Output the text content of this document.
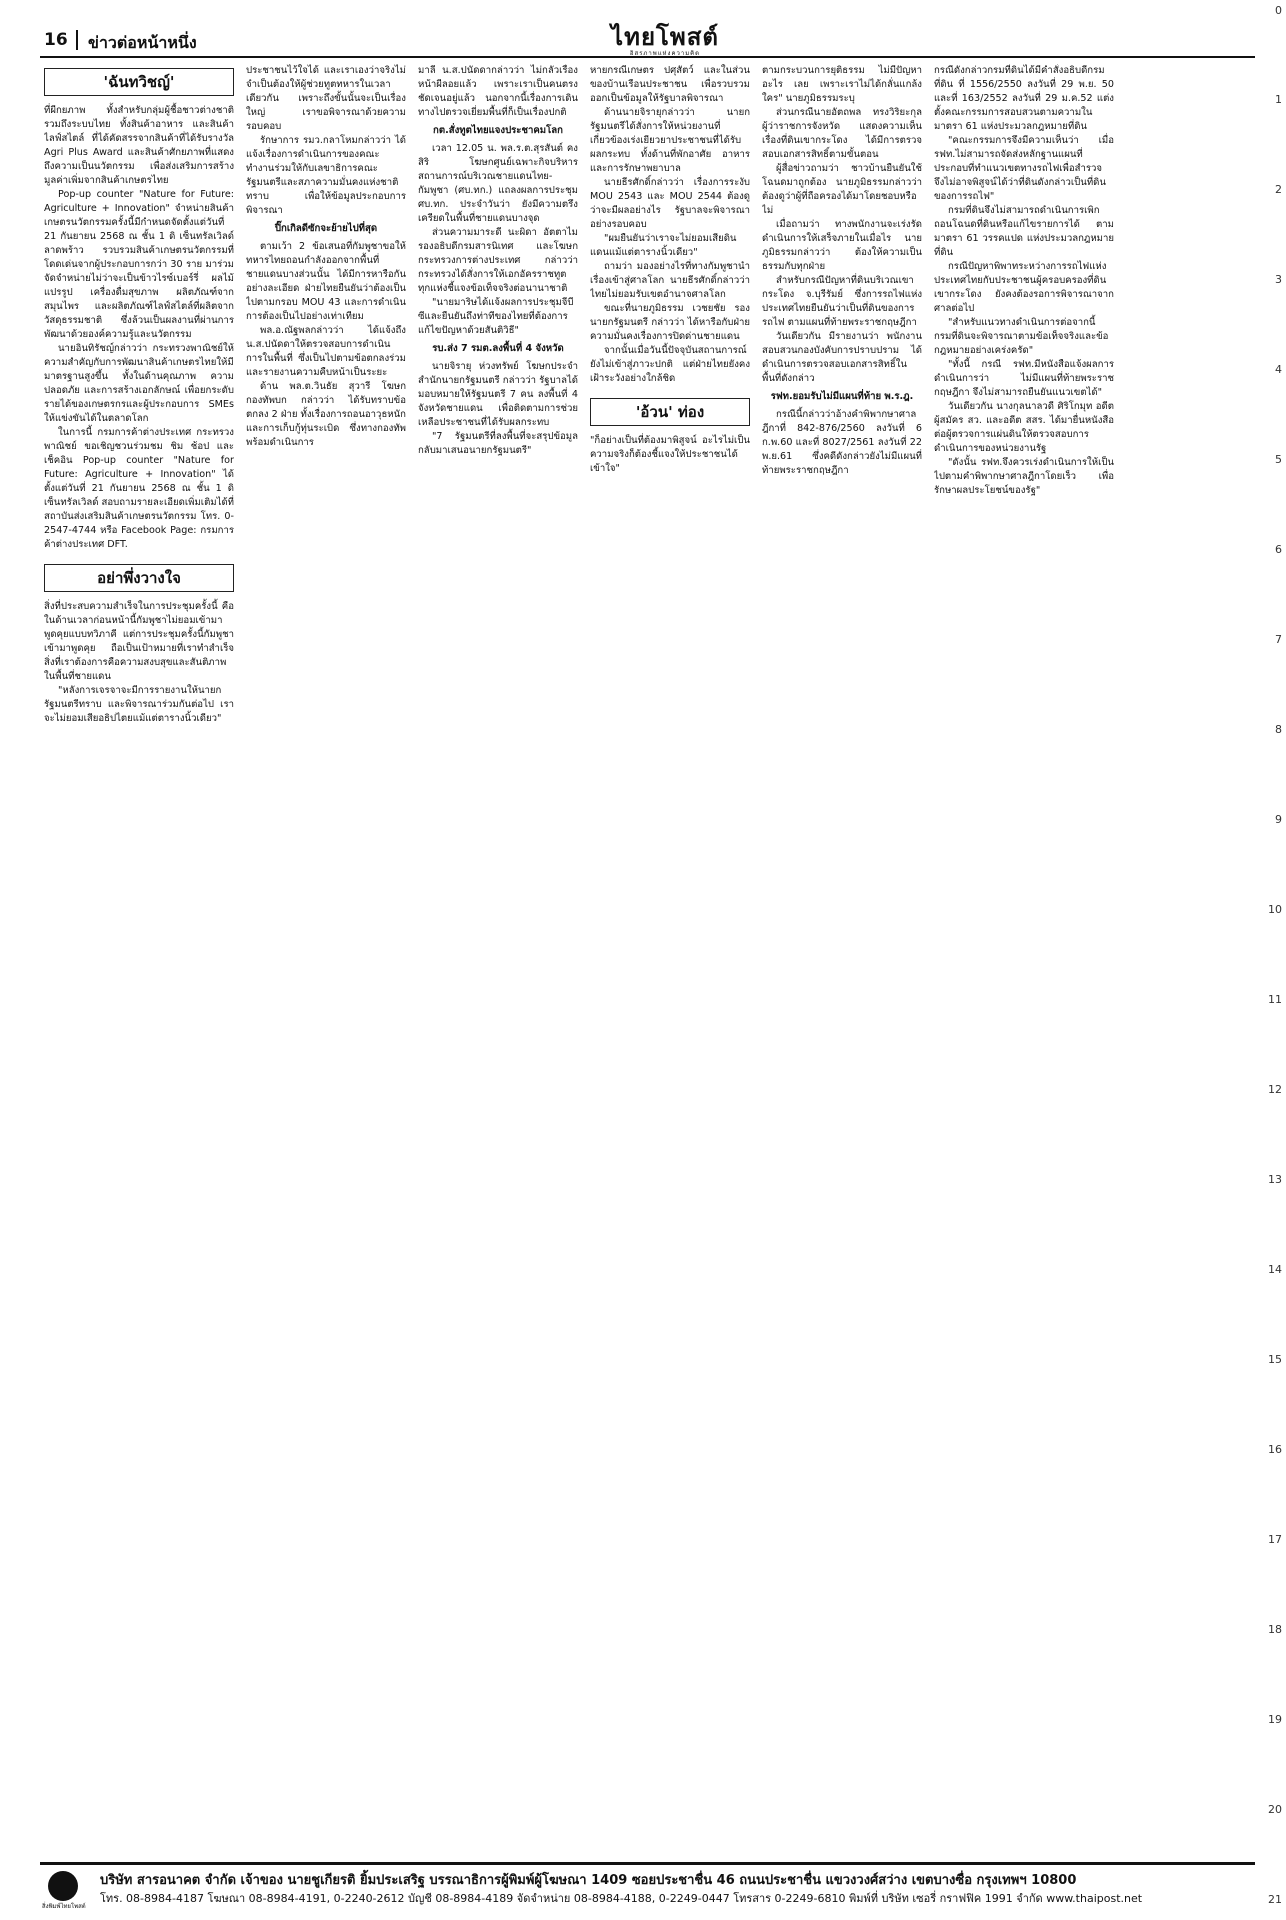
16	ข่าวต่อหน้าหนึ่ง	ไทยโพสต์
อิสรภาพแห่งความคิด
0
1
2
3
4
5
6
7
8
9
10
11
12
13
14
15
16
17
18
19
20
21
'ฉันทวิชญ์'

ที่ผีกยภาพ ทั้งสำหรับกลุ่มผู้ชื้อชาวต่างชาติ รวมถึงระบบไทย ทั้งสินค้าอาหาร และสินค้าไลฟ์สไตล์ ที่ได้คัดสรรจากสินค้าที่ได้รับรางวัล Agri Plus Award และสินค้าศักยภาพที่แสดงถึงความเป็นนวัตกรรม เพื่อส่งเสริมการสร้างมูลค่าเพิ่มจากสินค้าเกษตรไทย

Pop-up counter "Nature for Future: Agriculture + Innovation" จำหน่ายสินค้าเกษตรนวัตกรรมครั้งนี้มีกำหนดจัดตั้งแต่วันที่ 21 กันยายน 2568 ณ ชั้น 1 ดิ เซ็นทรัลเวิลด์ ลาดพร้าว รวบรวมสินค้าเกษตรนวัตกรรมที่โดดเด่นจากผู้ประกอบการกว่า 30 ราย มาร่วมจัดจำหน่ายไม่ว่าจะเป็นข้าวไรซ์เบอร์รี่ ผลไม้แปรรูป เครื่องดื่มสุขภาพ ผลิตภัณฑ์จากสมุนไพร และผลิตภัณฑ์ไลฟ์สไตล์ที่ผลิตจากวัสดุธรรมชาติ ซึ่งล้วนเป็นผลงานที่ผ่านการพัฒนาด้วยองค์ความรู้และนวัตกรรม

นายอินทิรัชญ์กล่าวว่า กระทรวงพาณิชย์ให้ความสำคัญกับการพัฒนาสินค้าเกษตรไทยให้มีมาตรฐานสูงขึ้น ทั้งในด้านคุณภาพ ความปลอดภัย และการสร้างเอกลักษณ์ เพื่อยกระดับรายได้ของเกษตรกรและผู้ประกอบการ SMEs ให้แข่งขันได้ในตลาดโลก

ในการนี้ กรมการค้าต่างประเทศ กระทรวงพาณิชย์ ขอเชิญชวนร่วมชม ชิม ช้อป และ เช็คอิน Pop-up counter "Nature for Future: Agriculture + Innovation" ได้ตั้งแต่วันที่ 21 กันยายน 2568 ณ ชั้น 1 ดิ เซ็นทรัลเวิลด์ สอบถามรายละเอียดเพิ่มเติมได้ที่ สถาบันส่งเสริมสินค้าเกษตรนวัตกรรม โทร. 0-2547-4744 หรือ Facebook Page: กรมการค้าต่างประเทศ DFT.

อย่าพึ่งวางใจ

สิ่งที่ประสบความสำเร็จในการประชุมครั้งนี้ คือ ในด้านเวลาก่อนหน้านี้กัมพูชาไม่ยอมเข้ามาพูดคุยแบบทวิภาคี แต่การประชุมครั้งนี้กัมพูชาเข้ามาพูดคุย ถือเป็นเป้าหมายที่เราทำสำเร็จ สิ่งที่เราต้องการคือความสงบสุขและสันติภาพในพื้นที่ชายแดน

"หลังการเจรจาจะมีการรายงานให้นายกรัฐมนตรีทราบ และพิจารณาร่วมกันต่อไป เราจะไม่ยอมเสียอธิปไตยแม้แต่ตารางนิ้วเดียว"

ประชาชนไว้ใจได้ และเราเองว่าจริงไม่จำเป็นต้องให้ผู้ช่วยทูตทหารในเวลาเดียวกัน เพราะถึงขั้นนั้นจะเป็นเรื่องใหญ่ เราขอพิจารณาด้วยความรอบคอบ

รักษาการ รมว.กลาโหมกล่าวว่า ได้แจ้งเรื่องการดำเนินการของคณะทำงานร่วมให้กับเลขาธิการคณะรัฐมนตรีและสภาความมั่นคงแห่งชาติทราบ เพื่อให้ข้อมูลประกอบการพิจารณา

ปิ๊กเกิลดีซักจะย้ายไปที่สุด

ตามเว้า 2 ข้อเสนอที่กัมพูชาขอให้ทหารไทยถอนกำลังออกจากพื้นที่ชายแดนบางส่วนนั้น ได้มีการหารือกันอย่างละเอียด ฝ่ายไทยยืนยันว่าต้องเป็นไปตามกรอบ MOU 43 และการดำเนินการต้องเป็นไปอย่างเท่าเทียม

พล.อ.ณัฐพลกล่าวว่า ได้แจ้งถึง น.ส.ปนัดดาให้ตรวจสอบการดำเนินการในพื้นที่ ซึ่งเป็นไปตามข้อตกลงร่วม และรายงานความคืบหน้าเป็นระยะ

ด้าน พล.ต.วินธัย สุวารี โฆษกกองทัพบก กล่าวว่า ได้รับทราบข้อตกลง 2 ฝ่าย ทั้งเรื่องการถอนอาวุธหนักและการเก็บกู้ทุ่นระเบิด ซึ่งทางกองทัพพร้อมดำเนินการ

มาลี น.ส.ปนัดดากล่าวว่า ไม่กลัวเรื่องหน้าผีลอยแล้ว เพราะเราเป็นคนตรง ชัดเจนอยู่แล้ว นอกจากนี้เรื่องการเดินทางไปตรวจเยี่ยมพื้นที่ก็เป็นเรื่องปกติ

กต.สั่งทูตไทยแจงประชาคมโลก

เวลา 12.05 น. พล.ร.ต.สุรสันต์ คงสิริ โฆษกศูนย์เฉพาะกิจบริหารสถานการณ์บริเวณชายแดนไทย-กัมพูชา (ศบ.ทก.) แถลงผลการประชุม ศบ.ทก. ประจำวันว่า ยังมีความตรึงเครียดในพื้นที่ชายแดนบางจุด

ส่วนความมาระดี นะผิดา อัตตาไม รองอธิบดีกรมสารนิเทศ และโฆษกกระทรวงการต่างประเทศ กล่าวว่า กระทรวงได้สั่งการให้เอกอัครราชทูตทุกแห่งชี้แจงข้อเท็จจริงต่อนานาชาติ

"นายมาริษได้แจ้งผลการประชุมจีบีซีและยืนยันถึงท่าทีของไทยที่ต้องการแก้ไขปัญหาด้วยสันติวิธี"

รบ.ส่ง 7 รมต.ลงพื้นที่ 4 จังหวัด

นายจิรายุ ห่วงทรัพย์ โฆษกประจำสำนักนายกรัฐมนตรี กล่าวว่า รัฐบาลได้มอบหมายให้รัฐมนตรี 7 คน ลงพื้นที่ 4 จังหวัดชายแดน เพื่อติดตามการช่วยเหลือประชาชนที่ได้รับผลกระทบ

"7 รัฐมนตรีที่ลงพื้นที่จะสรุปข้อมูลกลับมาเสนอนายกรัฐมนตรี"

หายกรณีเกษตร ปศุสัตว์ และในส่วนของบ้านเรือนประชาชน เพื่อรวบรวมออกเป็นข้อมูลให้รัฐบาลพิจารณา

ด้านนายจิรายุกล่าวว่า นายกรัฐมนตรีได้สั่งการให้หน่วยงานที่เกี่ยวข้องเร่งเยียวยาประชาชนที่ได้รับผลกระทบ ทั้งด้านที่พักอาศัย อาหาร และการรักษาพยาบาล

นายธีรศักดิ์กล่าวว่า เรื่องการระงับ MOU 2543 และ MOU 2544 ต้องดูว่าจะมีผลอย่างไร รัฐบาลจะพิจารณาอย่างรอบคอบ

"ผมยืนยันว่าเราจะไม่ยอมเสียดินแดนแม้แต่ตารางนิ้วเดียว"

ถามว่า มองอย่างไรที่ทางกัมพูชานำเรื่องเข้าสู่ศาลโลก นายธีรศักดิ์กล่าวว่า ไทยไม่ยอมรับเขตอำนาจศาลโลก

ขณะที่นายภูมิธรรม เวชยชัย รองนายกรัฐมนตรี กล่าวว่า ได้หารือกับฝ่ายความมั่นคงเรื่องการปิดด่านชายแดน

จากนั้นเมื่อวันนี้ปัจจุบันสถานการณ์ยังไม่เข้าสู่ภาวะปกติ แต่ฝ่ายไทยยังคงเฝ้าระวังอย่างใกล้ชิด

'อ้วน' ท่อง

"ก็อย่างเป็นที่ต้องมาพิสูจน์ อะไรไม่เป็นความจริงก็ต้องชี้แจงให้ประชาชนได้เข้าใจ"

ตามกระบวนการยุติธรรม ไม่มีปัญหาอะไร เลย เพราะเราไม่ได้กลั่นแกล้งใคร" นายภูมิธรรมระบุ

ส่วนกรณีนายอัตถพล ทรงวิริยะกุล ผู้ว่าราชการจังหวัด แสดงความเห็นเรื่องที่ดินเขากระโดง ได้มีการตรวจสอบเอกสารสิทธิ์ตามขั้นตอน

ผู้สื่อข่าวถามว่า ชาวบ้านยืนยันใช้โฉนดมาถูกต้อง นายภูมิธรรมกล่าวว่า ต้องดูว่าผู้ที่ถือครองได้มาโดยชอบหรือไม่

เมื่อถามว่า ทางพนักงานจะเร่งรัดดำเนินการให้เสร็จภายในเมื่อไร นายภูมิธรรมกล่าวว่า ต้องให้ความเป็นธรรมกับทุกฝ่าย

สำหรับกรณีปัญหาที่ดินบริเวณเขากระโดง จ.บุรีรัมย์ ซึ่งการรถไฟแห่งประเทศไทยยืนยันว่าเป็นที่ดินของการรถไฟ ตามแผนที่ท้ายพระราชกฤษฎีกา

วันเดียวกัน มีรายงานว่า พนักงานสอบสวนกองบังคับการปราบปราม ได้ดำเนินการตรวจสอบเอกสารสิทธิ์ในพื้นที่ดังกล่าว

รฟท.ยอมรับไม่มีแผนที่ท้าย พ.ร.ฎ.

กรณีนี้กล่าวว่าอ้างคำพิพากษาศาลฎีกาที่ 842-876/2560 ลงวันที่ 6 ก.พ.60 และที่ 8027/2561 ลงวันที่ 22 พ.ย.61 ซึ่งคดีดังกล่าวยังไม่มีแผนที่ท้ายพระราชกฤษฎีกา

กรณีดังกล่าวกรมที่ดินได้มีคำสั่งอธิบดีกรมที่ดิน ที่ 1556/2550 ลงวันที่ 29 พ.ย. 50 และที่ 163/2552 ลงวันที่ 29 ม.ค.52 แต่งตั้งคณะกรรมการสอบสวนตามความในมาตรา 61 แห่งประมวลกฎหมายที่ดิน

"คณะกรรมการจึงมีความเห็นว่า เมื่อ รฟท.ไม่สามารถจัดส่งหลักฐานแผนที่ประกอบที่ทำแนวเขตทางรถไฟเพื่อสำรวจ จึงไม่อาจพิสูจน์ได้ว่าที่ดินดังกล่าวเป็นที่ดินของการรถไฟ"

กรมที่ดินจึงไม่สามารถดำเนินการเพิกถอนโฉนดที่ดินหรือแก้ไขรายการได้ ตามมาตรา 61 วรรคแปด แห่งประมวลกฎหมายที่ดิน

กรณีปัญหาพิพาทระหว่างการรถไฟแห่งประเทศไทยกับประชาชนผู้ครอบครองที่ดินเขากระโดง ยังคงต้องรอการพิจารณาจากศาลต่อไป

"สำหรับแนวทางดำเนินการต่อจากนี้ กรมที่ดินจะพิจารณาตามข้อเท็จจริงและข้อกฎหมายอย่างเคร่งครัด"

"ทั้งนี้ กรณี รฟท.มีหนังสือแจ้งผลการดำเนินการว่า ไม่มีแผนที่ท้ายพระราชกฤษฎีกา จึงไม่สามารถยืนยันแนวเขตได้"

วันเดียวกัน นางกุลนาลวดี ศิริโกมุท อดีตผู้สมัคร สว. และอดีต สสร. ได้มายื่นหนังสือต่อผู้ตรวจการแผ่นดินให้ตรวจสอบการดำเนินการของหน่วยงานรัฐ

"ดังนั้น รฟท.จึงควรเร่งดำเนินการให้เป็นไปตามคำพิพากษาศาลฎีกาโดยเร็ว เพื่อรักษาผลประโยชน์ของรัฐ"

สิ่งพิมพ์ไทยโพสต์
บริษัท สารอนาคต จำกัด เจ้าของ นายชูเกียรติ ยิ้มประเสริฐ บรรณาธิการผู้พิมพ์ผู้โฆษณา 1409 ซอยประชาชื่น 46 ถนนประชาชื่น แขวงวงศ์สว่าง เขตบางซื่อ กรุงเทพฯ 10800
โทร. 08-8984-4187 โฆษณา 08-8984-4191, 0-2240-2612 บัญชี 08-8984-4189 จัดจำหน่าย 08-8984-4188, 0-2249-0447 โทรสาร 0-2249-6810 พิมพ์ที่ บริษัท เซอรี่ กราฟฟิค 1991 จำกัด www.thaipost.net
